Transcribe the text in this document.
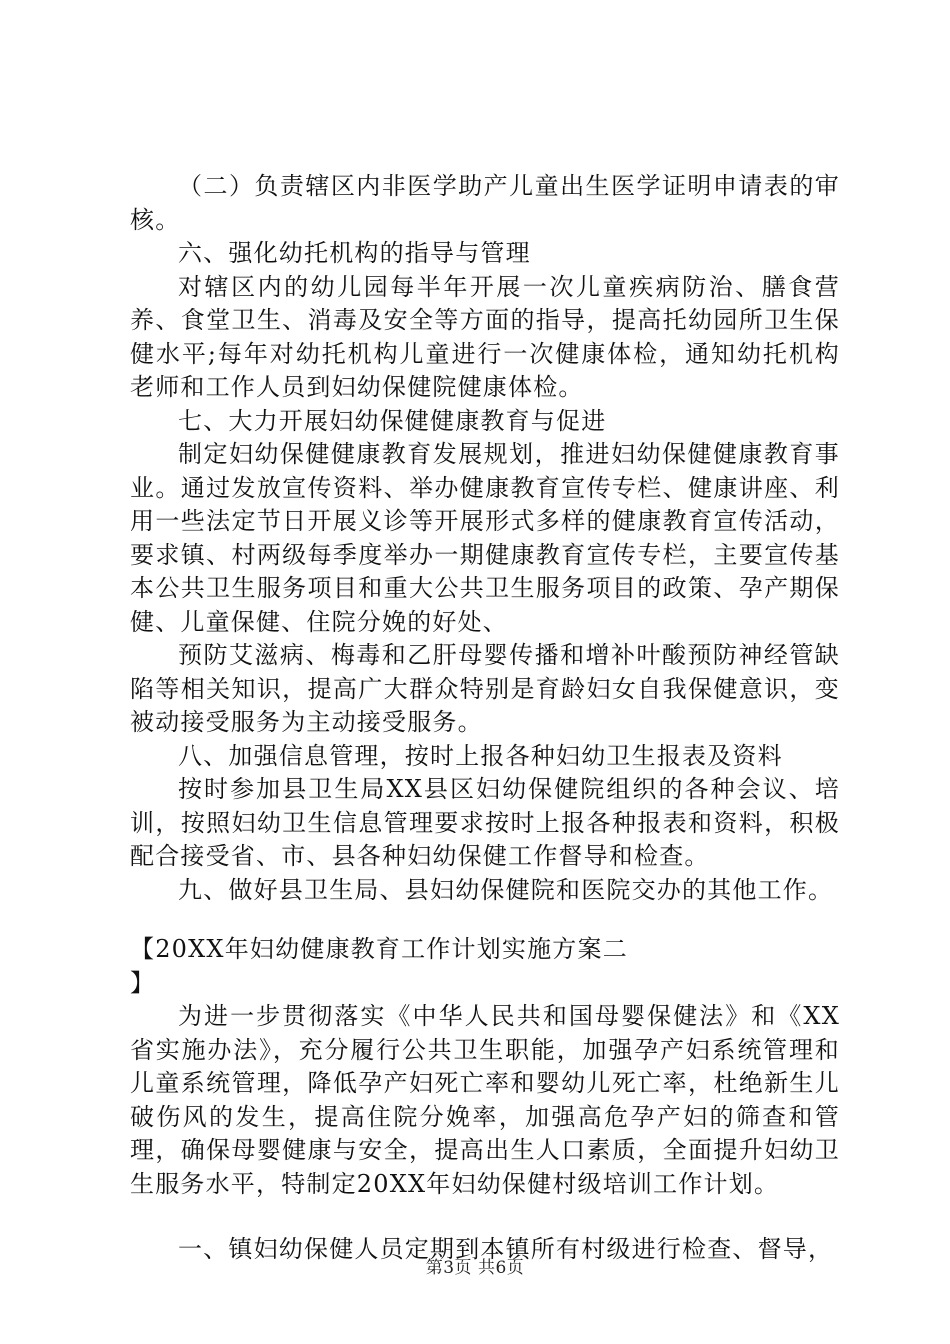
（二）负责辖区内非医学助产儿童出生医学证明申请表的审核。

六、强化幼托机构的指导与管理

对辖区内的幼儿园每半年开展一次儿童疾病防治、膳食营养、食堂卫生、消毒及安全等方面的指导，提高托幼园所卫生保健水平;每年对幼托机构儿童进行一次健康体检，通知幼托机构老师和工作人员到妇幼保健院健康体检。

七、大力开展妇幼保健健康教育与促进

制定妇幼保健健康教育发展规划，推进妇幼保健健康教育事业。通过发放宣传资料、举办健康教育宣传专栏、健康讲座、利用一些法定节日开展义诊等开展形式多样的健康教育宣传活动，要求镇、村两级每季度举办一期健康教育宣传专栏，主要宣传基本公共卫生服务项目和重大公共卫生服务项目的政策、孕产期保健、儿童保健、住院分娩的好处、

预防艾滋病、梅毒和乙肝母婴传播和增补叶酸预防神经管缺陷等相关知识，提高广大群众特别是育龄妇女自我保健意识，变被动接受服务为主动接受服务。

八、加强信息管理，按时上报各种妇幼卫生报表及资料

按时参加县卫生局XX县区妇幼保健院组织的各种会议、培训，按照妇幼卫生信息管理要求按时上报各种报表和资料，积极配合接受省、市、县各种妇幼保健工作督导和检查。

九、做好县卫生局、县妇幼保健院和医院交办的其他工作。

【20XX年妇幼健康教育工作计划实施方案二

】

为进一步贯彻落实《中华人民共和国母婴保健法》和《XX省实施办法》，充分履行公共卫生职能，加强孕产妇系统管理和儿童系统管理，降低孕产妇死亡率和婴幼儿死亡率，杜绝新生儿破伤风的发生，提高住院分娩率，加强高危孕产妇的筛查和管理，确保母婴健康与安全，提高出生人口素质，全面提升妇幼卫生服务水平，特制定20XX年妇幼保健村级培训工作计划。

一、镇妇幼保健人员定期到本镇所有村级进行检查、督导，

第3页 共6页
